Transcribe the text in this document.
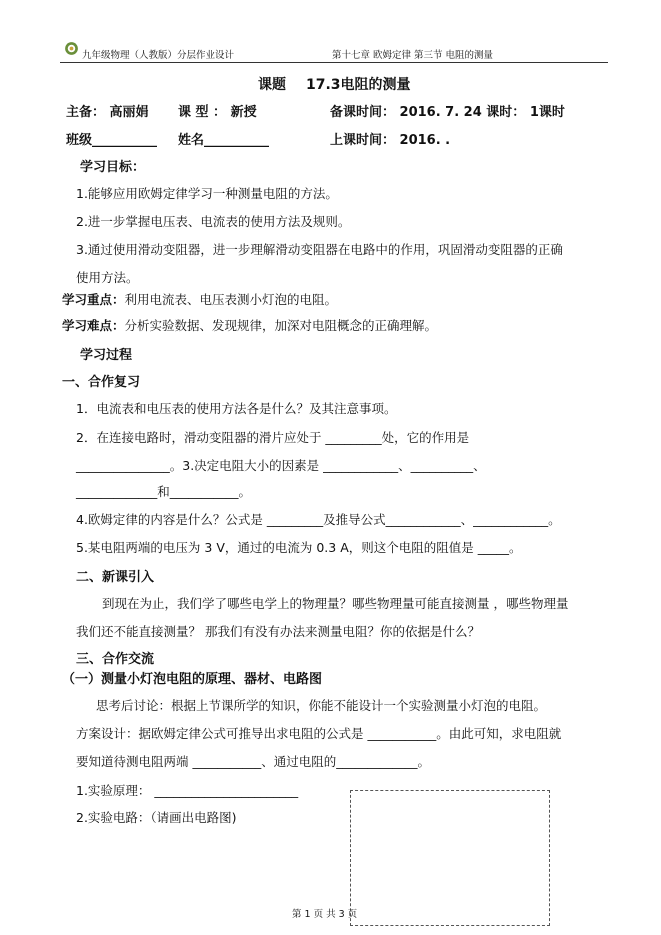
九年级物理（人教版）分层作业设计	第十七章 欧姆定律 第三节 电阻的测量
课题 17.3电阻的测量
主备： 高丽娟 课 型 ： 新授	备课时间： 2016. 7. 24 课时： 1课时
班级__________ 姓名__________	上课时间： 2016. .
学习目标：
1.能够应用欧姆定律学习一种测量电阻的方法。
2.进一步掌握电压表、电流表的使用方法及规则。
3.通过使用滑动变阻器，进一步理解滑动变阻器在电路中的作用，巩固滑动变阻器的正确
使用方法。
学习重点：利用电流表、电压表测小灯泡的电阻。
学习难点：分析实验数据、发现规律，加深对电阻概念的正确理解。
学习过程
一、合作复习
1．电流表和电压表的使用方法各是什么？及其注意事项。
2．在连接电路时，滑动变阻器的滑片应处于 _________处，它的作用是
_______________。3.决定电阻大小的因素是 ____________、__________、
_____________和___________。
4.欧姆定律的内容是什么？公式是 _________及推导公式____________、____________。
5.某电阻两端的电压为 3 V，通过的电流为 0.3 A，则这个电阻的阻值是 _____。
二、新课引入
到现在为止，我们学了哪些电学上的物理量？哪些物理量可能直接测量 ，哪些物理量
我们还不能直接测量？ 那我们有没有办法来测量电阻？你的依据是什么？
三、合作交流
（一）测量小灯泡电阻的原理、器材、电路图
思考后讨论：根据上节课所学的知识，你能不能设计一个实验测量小灯泡的电阻。
方案设计：据欧姆定律公式可推导出求电阻的公式是 ___________。由此可知，求电阻就
要知道待测电阻两端 ___________、通过电阻的_____________。
1.实验原理： _______________________
2.实验电路：（请画出电路图)
第 1 页 共 3 页
